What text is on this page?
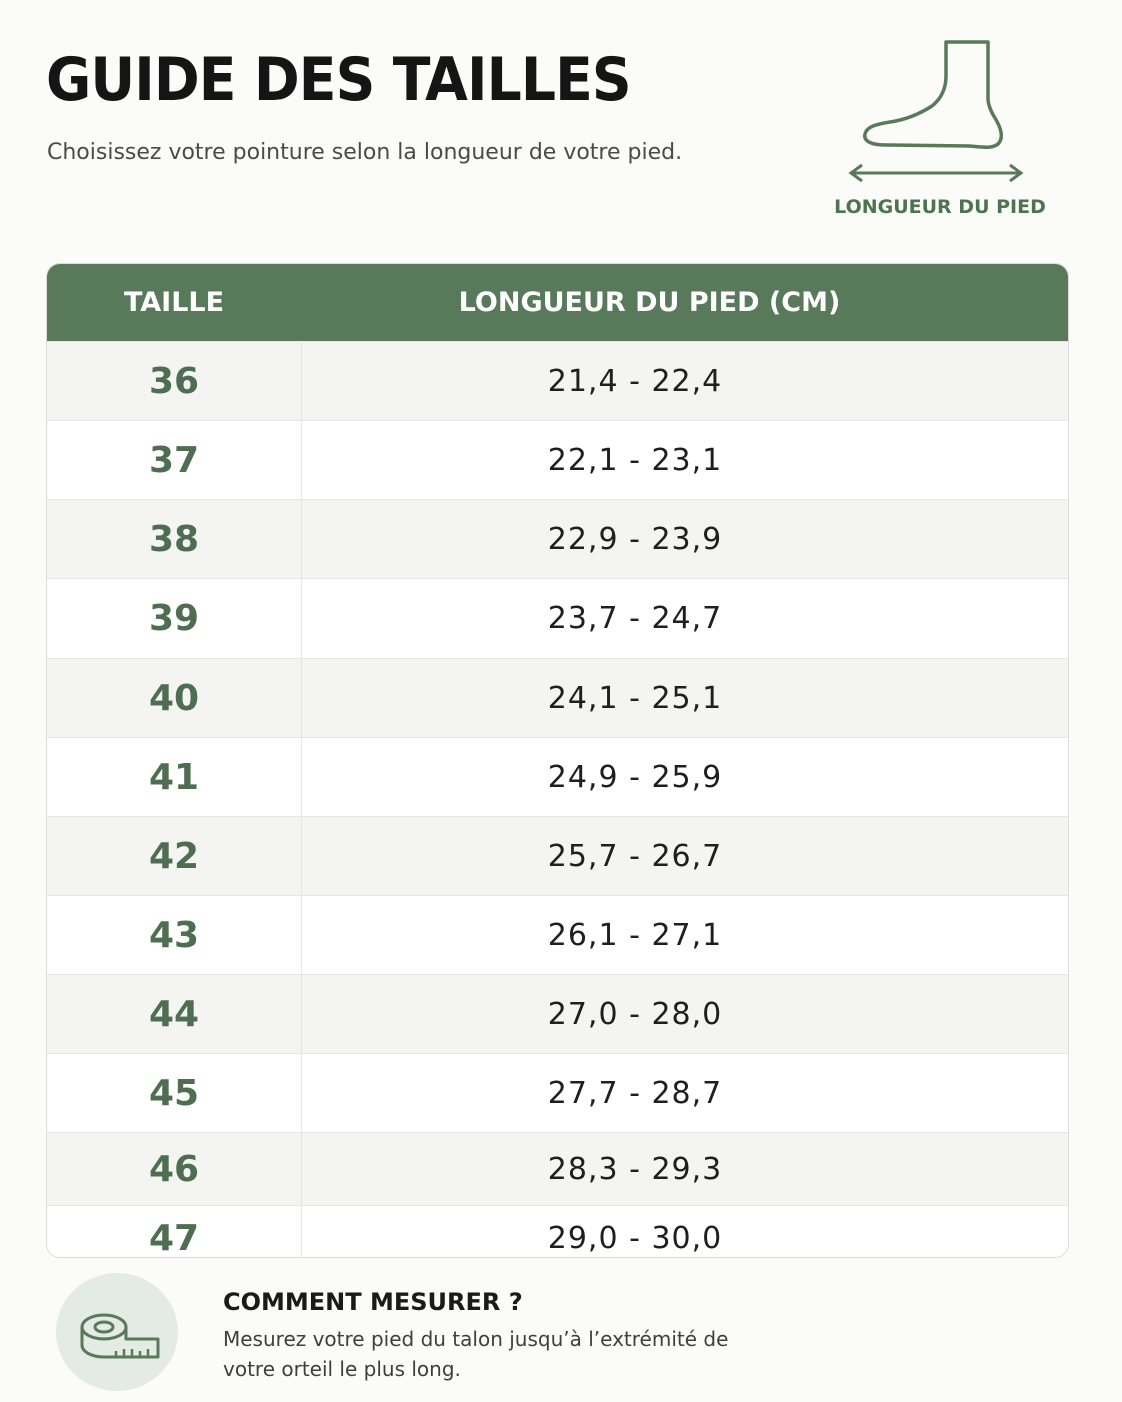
GUIDE DES TAILLES
Choisissez votre pointure selon la longueur de votre pied.
LONGUEUR DU PIED
TAILLE	LONGUEUR DU PIED (CM)
36	21,4 - 22,4
37	22,1 - 23,1
38	22,9 - 23,9
39	23,7 - 24,7
40	24,1 - 25,1
41	24,9 - 25,9
42	25,7 - 26,7
43	26,1 - 27,1
44	27,0 - 28,0
45	27,7 - 28,7
46	28,3 - 29,3
47	29,0 - 30,0
COMMENT MESURER ?
Mesurez votre pied du talon jusqu’à l’extrémité de votre orteil le plus long.
